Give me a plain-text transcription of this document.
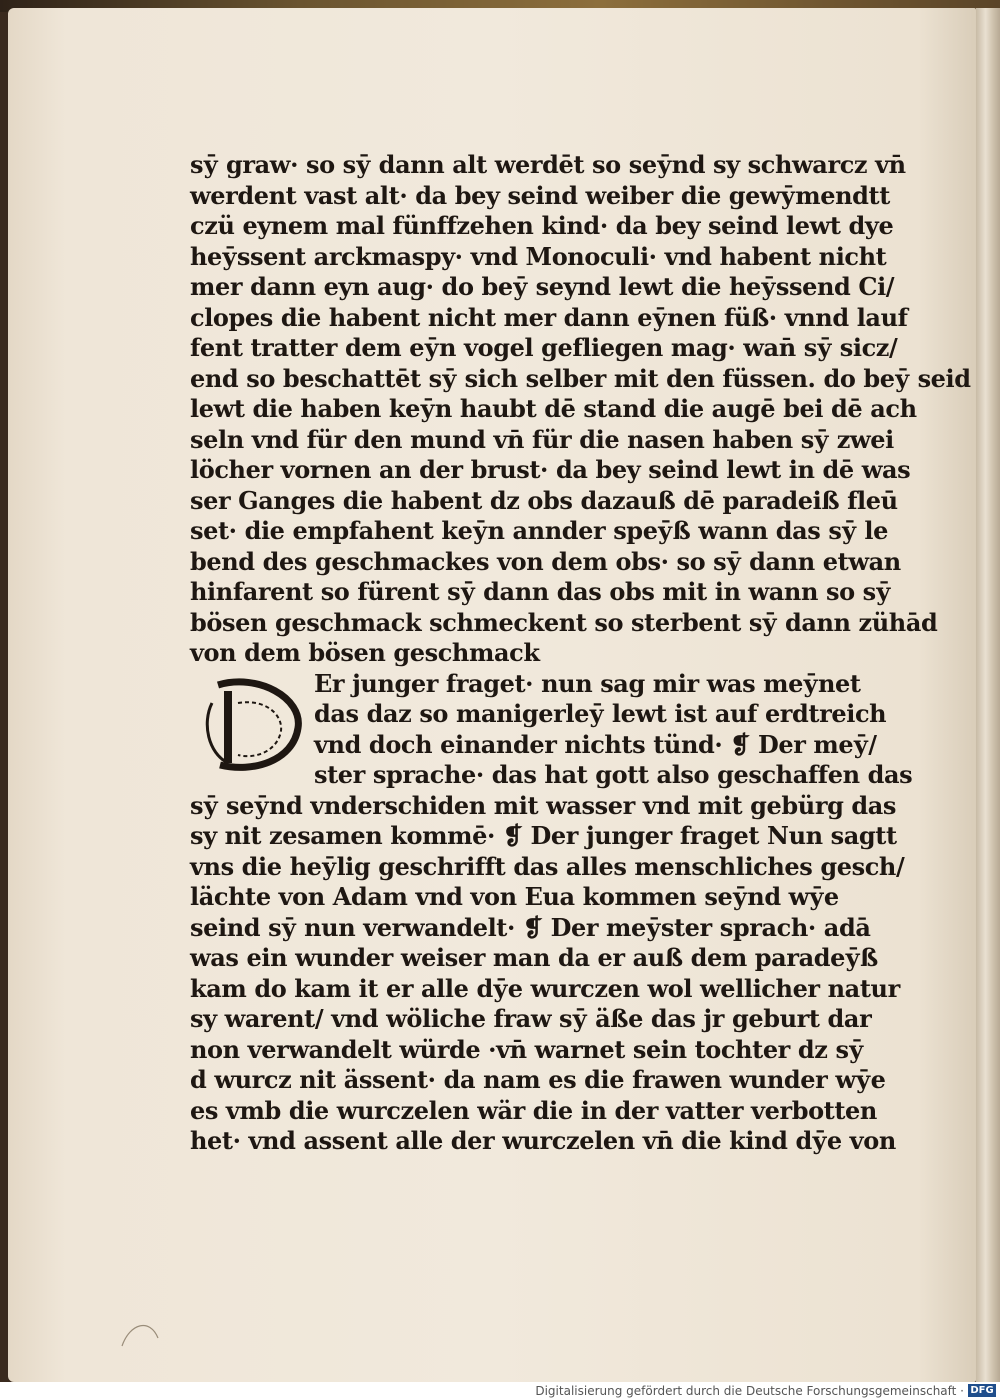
sӯ graw· so sӯ dann alt werdēt so seӯnd sy schwarcz vn̄
werdent vast alt· da bey seind weiber die gewӯmendtt
czü eynem mal fünffzehen kind· da bey seind lewt dye
heӯssent arckmaspy· vnd Monoculi· vnd habent nicht
mer dann eyn aug· do beӯ seynd lewt die heӯssend Ci/
clopes die habent nicht mer dann eӯnen füß· vnnd lauf
fent tratter dem eӯn vogel gefliegen mag· wan̄ sӯ sicz/
end so beschattēt sӯ sich selber mit den füssen. do beӯ seid
lewt die haben keӯn haubt dē stand die augē bei dē ach
seln vnd für den mund vn̄ für die nasen haben sӯ zwei
löcher vornen an der brust· da bey seind lewt in dē was
ser Ganges die habent dz obs dazauß dē paradeiß fleū
set· die empfahent keӯn annder speӯß wann das sӯ le
bend des geschmackes von dem obs· so sӯ dann etwan
hinfarent so fürent sӯ dann das obs mit in wann so sӯ
bösen geschmack schmeckent so sterbent sӯ dann zühād
von dem bösen geschmack
Er junger fraget· nun sag mir was meӯnet
das daz so manigerleӯ lewt ist auf erdtreich
vnd doch einander nichts tünd· ❡ Der meӯ/
ster sprache· das hat gott also geschaffen das
sӯ seӯnd vnderschiden mit wasser vnd mit gebürg das
sy nit zesamen kommē· ❡ Der junger fraget Nun sagtt
vns die heӯlig geschrifft das alles menschliches gesch/
lächte von Adam vnd von Eua kommen seӯnd wӯe
seind sӯ nun verwandelt· ❡ Der meӯster sprach· adā
was ein wunder weiser man da er auß dem paradeӯß
kam do kam it er alle dӯe wurczen wol wellicher natur
sy warent/ vnd wöliche fraw sӯ äße das jr geburt dar
non verwandelt würde ·vn̄ warnet sein tochter dz sӯ
d wurcz nit ässent· da nam es die frawen wunder wӯe
es vmb die wurczelen wär die in der vatter verbotten
het· vnd assent alle der wurczelen vn̄ die kind dӯe von
Digitalisierung gefördert durch die Deutsche Forschungsgemeinschaft · DFG
